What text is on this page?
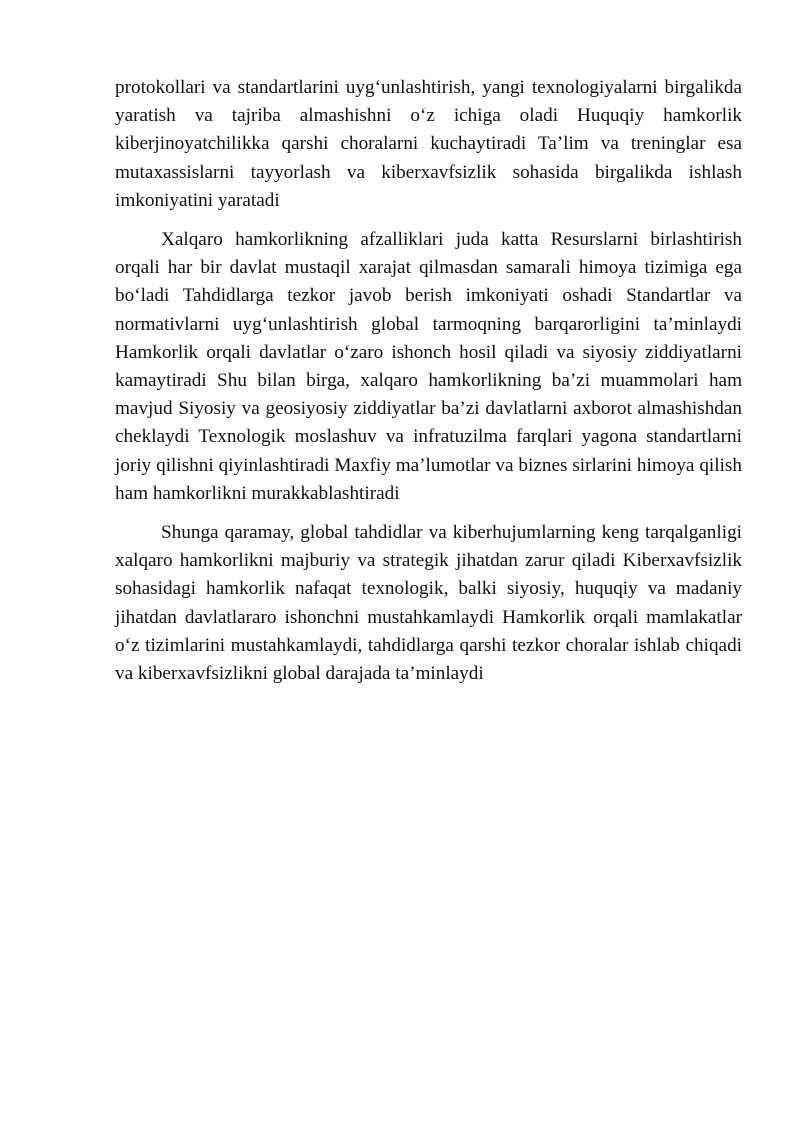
protokollari va standartlarini uyg‘unlashtirish, yangi texnologiyalarni birgalikda yaratish va tajriba almashishni o‘z ichiga oladi Huquqiy hamkorlik kiberjinoyatchilikka qarshi choralarni kuchaytiradi Ta’lim va treninglar esa mutaxassislarni tayyorlash va kiberxavfsizlik sohasida birgalikda ishlash imkoniyatini yaratadi

Xalqaro hamkorlikning afzalliklari juda katta Resurslarni birlashtirish orqali har bir davlat mustaqil xarajat qilmasdan samarali himoya tizimiga ega bo‘ladi Tahdidlarga tezkor javob berish imkoniyati oshadi Standartlar va normativlarni uyg‘unlashtirish global tarmoqning barqarorligini ta’minlaydi Hamkorlik orqali davlatlar o‘zaro ishonch hosil qiladi va siyosiy ziddiyatlarni kamaytiradi Shu bilan birga, xalqaro hamkorlikning ba’zi muammolari ham mavjud Siyosiy va geosiyosiy ziddiyatlar ba’zi davlatlarni axborot almashishdan cheklaydi Texnologik moslashuv va infratuzilma farqlari yagona standartlarni joriy qilishni qiyinlashtiradi Maxfiy ma’lumotlar va biznes sirlarini himoya qilish ham hamkorlikni murakkablashtiradi

Shunga qaramay, global tahdidlar va kiberhujumlarning keng tarqalganligi xalqaro hamkorlikni majburiy va strategik jihatdan zarur qiladi Kiberxavfsizlik sohasidagi hamkorlik nafaqat texnologik, balki siyosiy, huquqiy va madaniy jihatdan davlatlararo ishonchni mustahkamlaydi Hamkorlik orqali mamlakatlar o‘z tizimlarini mustahkamlaydi, tahdidlarga qarshi tezkor choralar ishlab chiqadi va kiberxavfsizlikni global darajada ta’minlaydi
